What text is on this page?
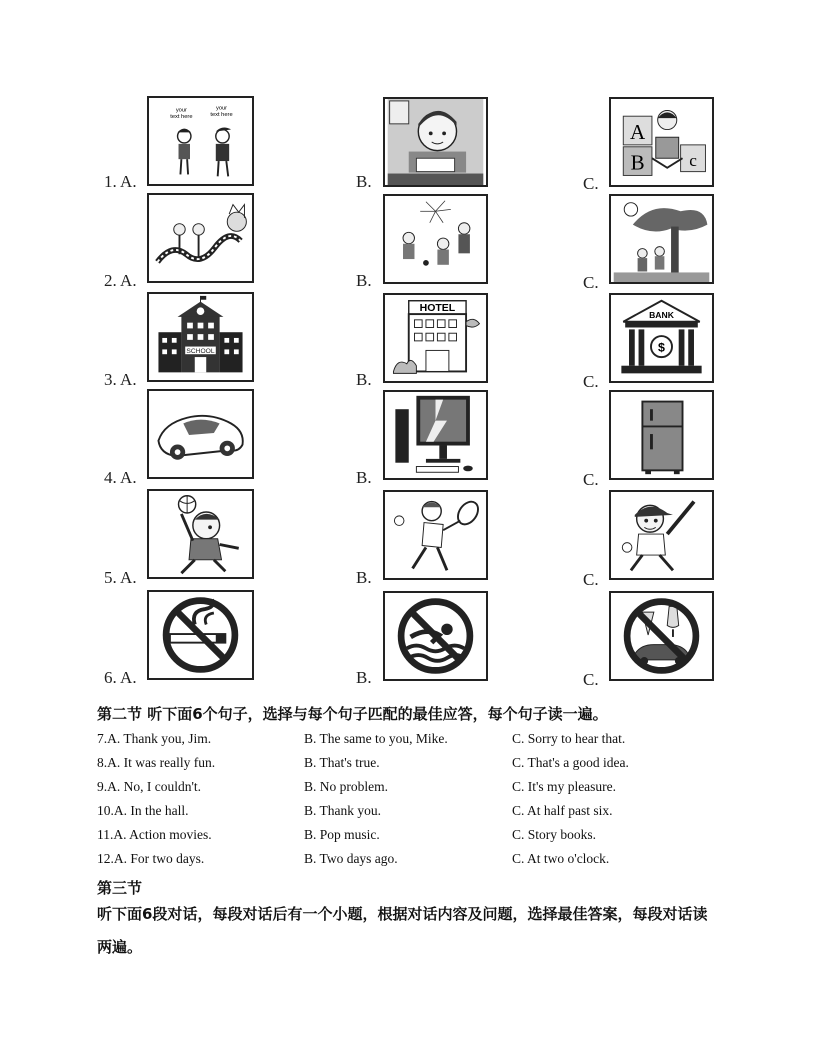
1. A.	B.	C.
your
text here
your
text here
A
B c
2. A.	B.	C.
3. A.	B.	C.
SCHOOL
HOTEL
BANK
$
4. A.	B.	C.
5. A.	B.	C.
6. A.	B.	C.
第二节 听下面6个句子，选择与每个句子匹配的最佳应答，每个句子读一遍。
7.A. Thank you, Jim.	B. The same to you, Mike.	C. Sorry to hear that.
8.A. It was really fun.	B. That's true.	C. That's a good idea.
9.A. No, I couldn't.	B. No problem.	C. It's my pleasure.
10.A. In the hall.	B. Thank you.	C. At half past six.
11.A. Action movies.	B. Pop music.	C. Story books.
12.A. For two days.	B. Two days ago.	C. At two o'clock.
第三节
听下面6段对话，每段对话后有一个小题，根据对话内容及问题，选择最佳答案，每段对话读两遍。
